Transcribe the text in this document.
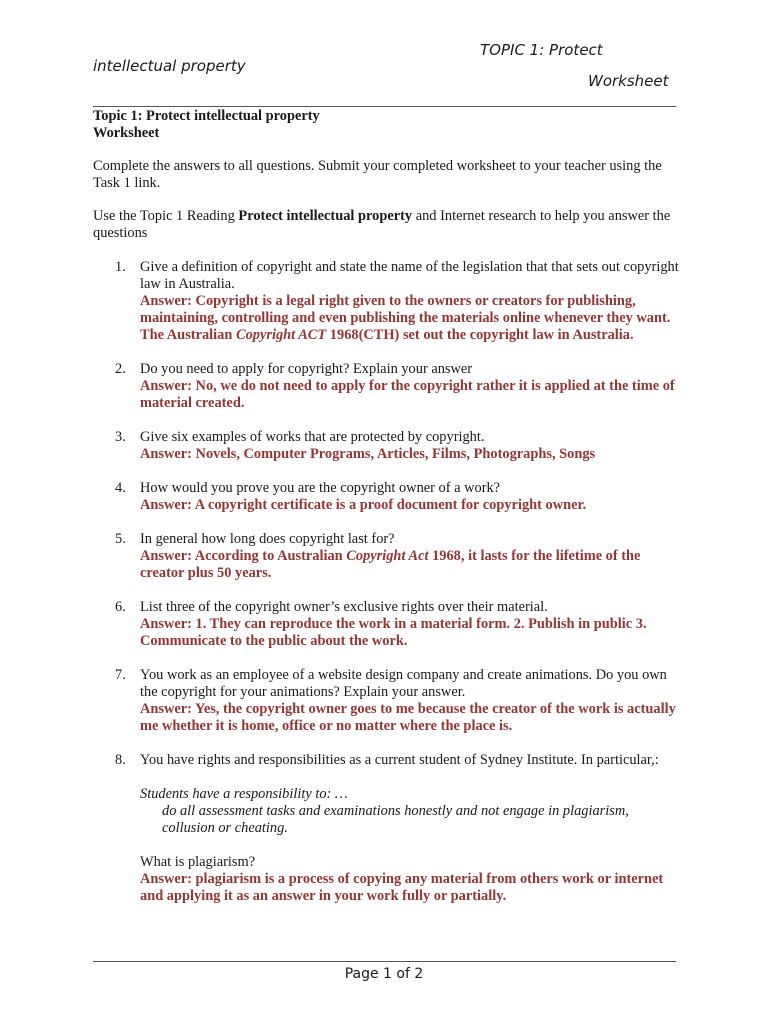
TOPIC 1: Protect
intellectual property
Worksheet
Topic 1: Protect intellectual property
Worksheet
Complete the answers to all questions. Submit your completed worksheet to your teacher using the Task 1 link.
Use the Topic 1 Reading Protect intellectual property and Internet research to help you answer the questions
1. Give a definition of copyright and state the name of the legislation that that sets out copyright law in Australia.
Answer: Copyright is a legal right given to the owners or creators for publishing, maintaining, controlling and even publishing the materials online whenever they want. The Australian Copyright ACT 1968(CTH) set out the copyright law in Australia.
2. Do you need to apply for copyright? Explain your answer
Answer: No, we do not need to apply for the copyright rather it is applied at the time of material created.
3. Give six examples of works that are protected by copyright.
Answer: Novels, Computer Programs, Articles, Films, Photographs, Songs
4. How would you prove you are the copyright owner of a work?
Answer: A copyright certificate is a proof document for copyright owner.
5. In general how long does copyright last for?
Answer: According to Australian Copyright Act 1968, it lasts for the lifetime of the creator plus 50 years.
6. List three of the copyright owner’s exclusive rights over their material.
Answer: 1. They can reproduce the work in a material form. 2. Publish in public 3. Communicate to the public about the work.
7. You work as an employee of a website design company and create animations. Do you own the copyright for your animations? Explain your answer.
Answer: Yes, the copyright owner goes to me because the creator of the work is actually me whether it is home, office or no matter where the place is.
8. You have rights and responsibilities as a current student of Sydney Institute. In particular,:
Students have a responsibility to: …
do all assessment tasks and examinations honestly and not engage in plagiarism, collusion or cheating.
What is plagiarism?
Answer: plagiarism is a process of copying any material from others work or internet and applying it as an answer in your work fully or partially.
Page 1 of 2
